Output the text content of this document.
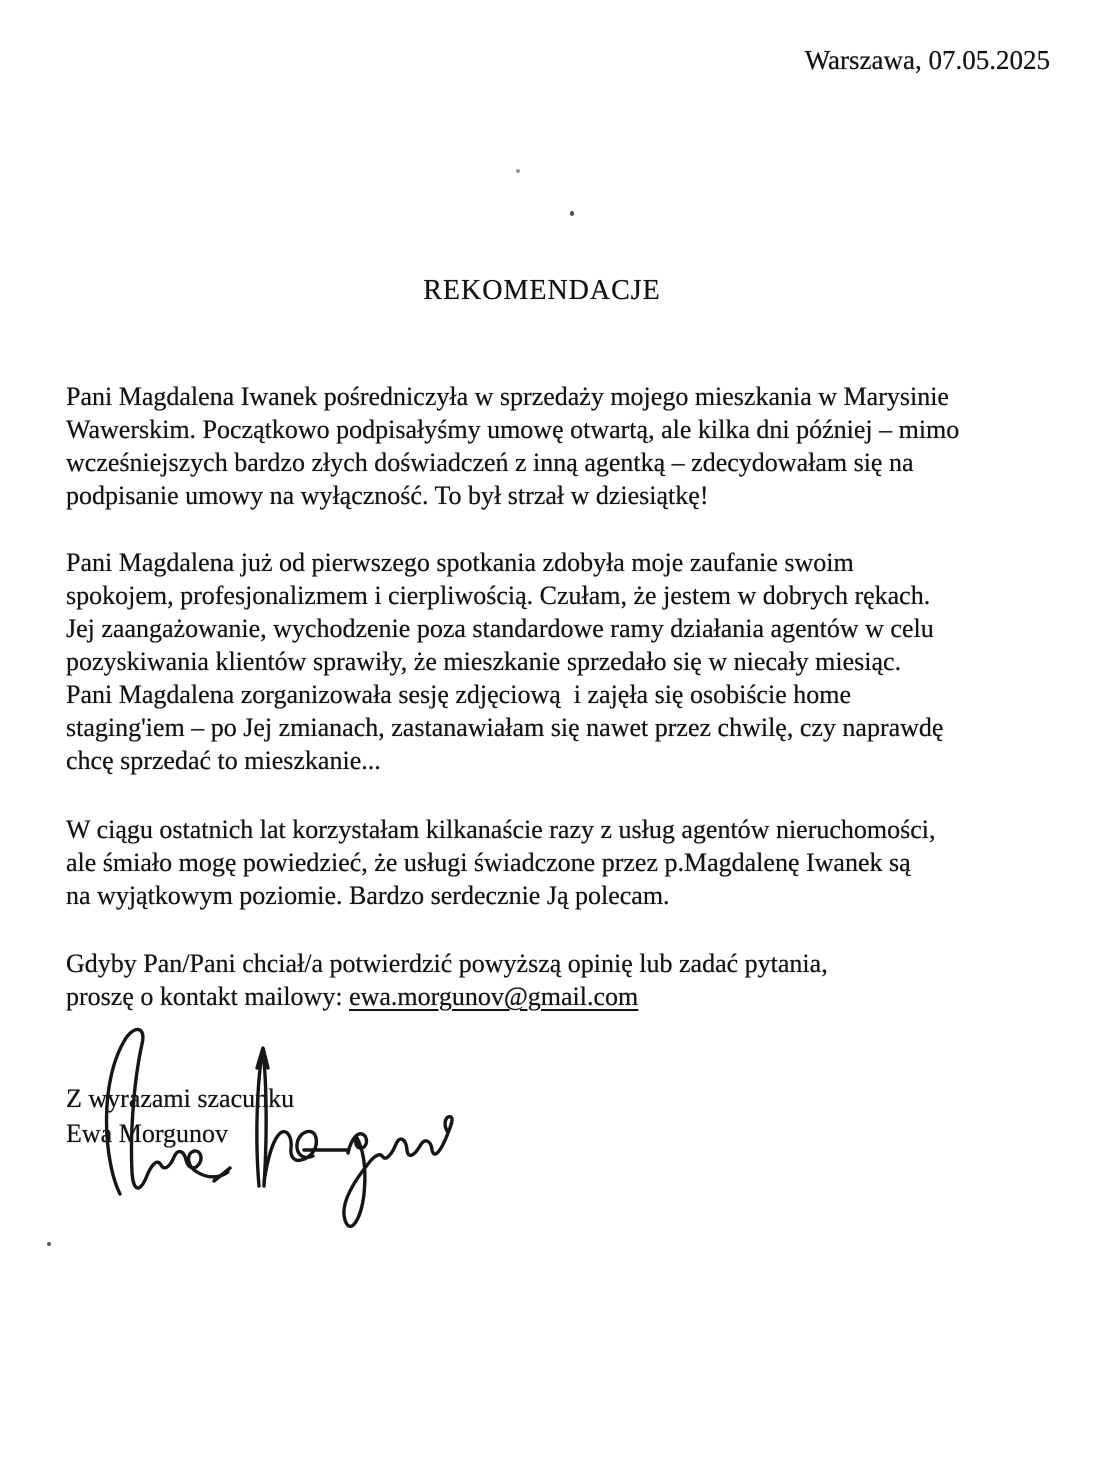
Warszawa, 07.05.2025
REKOMENDACJE
Pani Magdalena Iwanek pośredniczyła w sprzedaży mojego mieszkania w Marysinie
Wawerskim. Początkowo podpisałyśmy umowę otwartą, ale kilka dni później – mimo
wcześniejszych bardzo złych doświadczeń z inną agentką – zdecydowałam się na
podpisanie umowy na wyłączność. To był strzał w dziesiątkę!
Pani Magdalena już od pierwszego spotkania zdobyła moje zaufanie swoim
spokojem, profesjonalizmem i cierpliwością. Czułam, że jestem w dobrych rękach.
Jej zaangażowanie, wychodzenie poza standardowe ramy działania agentów w celu
pozyskiwania klientów sprawiły, że mieszkanie sprzedało się w niecały miesiąc.
Pani Magdalena zorganizowała sesję zdjęciową  i zajęła się osobiście home
staging'iem – po Jej zmianach, zastanawiałam się nawet przez chwilę, czy naprawdę
chcę sprzedać to mieszkanie...
W ciągu ostatnich lat korzystałam kilkanaście razy z usług agentów nieruchomości,
ale śmiało mogę powiedzieć, że usługi świadczone przez p.Magdalenę Iwanek są
na wyjątkowym poziomie. Bardzo serdecznie Ją polecam.
Gdyby Pan/Pani chciał/a potwierdzić powyższą opinię lub zadać pytania,
proszę o kontakt mailowy: ewa.morgunov@gmail.com
Z wyrazami szacunku
Ewa Morgunov
